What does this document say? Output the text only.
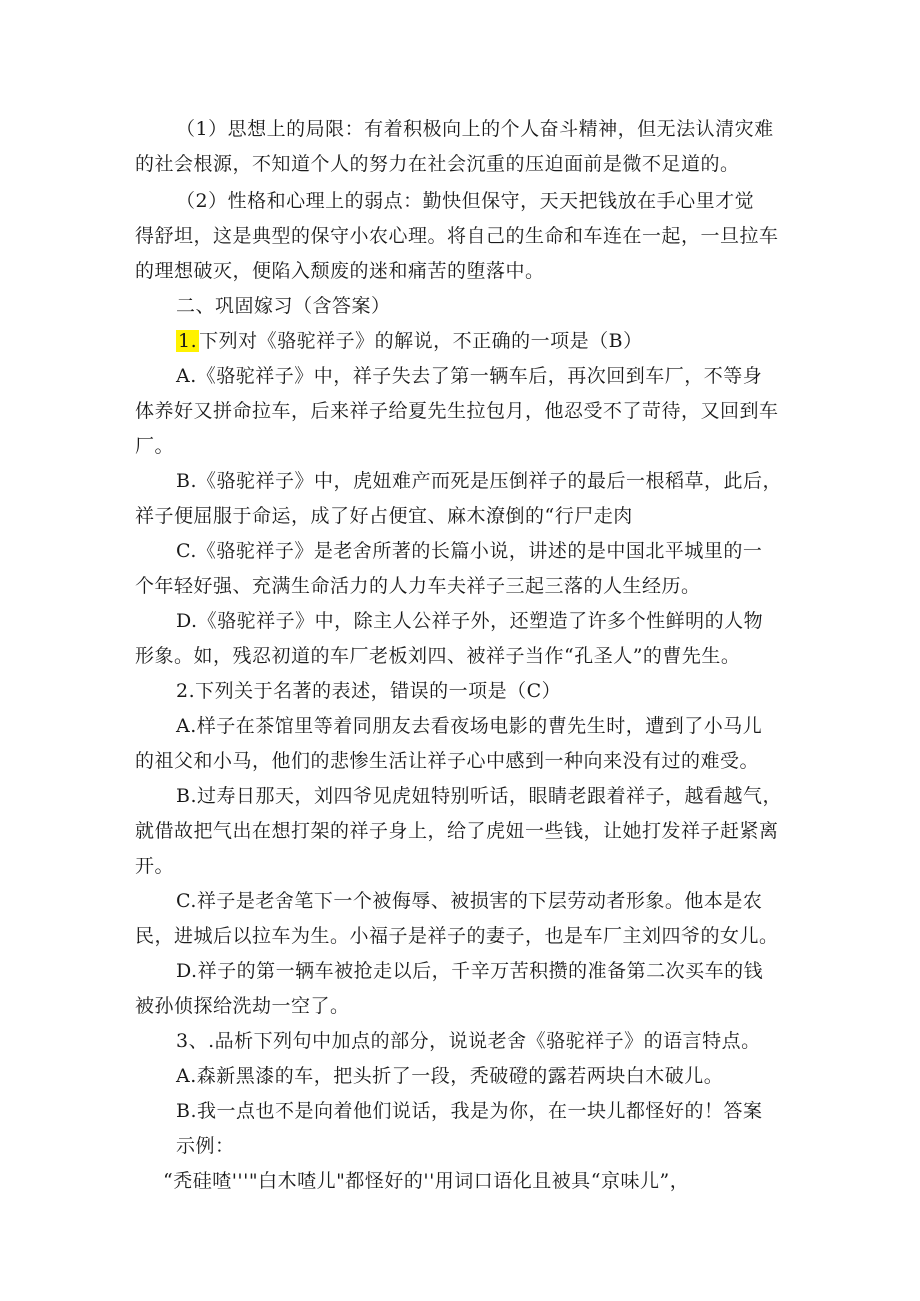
（1）思想上的局限：有着积极向上的个人奋斗精神，但无法认清灾难
的社会根源，不知道个人的努力在社会沉重的压迫面前是微不足道的。
（2）性格和心理上的弱点：勤快但保守，天天把钱放在手心里才觉
得舒坦，这是典型的保守小农心理。将自己的生命和车连在一起，一旦拉车
的理想破灭，便陷入颓废的迷和痛苦的堕落中。
二、巩固嫁习（含答案）
1. 下列对《骆驼祥子》的解说，不正确的一项是（B）
A.《骆驼祥子》中，祥子失去了第一辆车后，再次回到车厂，不等身
体养好又拼命拉车，后来祥子给夏先生拉包月，他忍受不了苛待，又回到车
厂。
B.《骆驼祥子》中，虎妞难产而死是压倒祥子的最后一根稻草，此后，
祥子便屈服于命运，成了好占便宜、麻木潦倒的“行尸走肉
C.《骆驼祥子》是老舍所著的长篇小说，讲述的是中国北平城里的一
个年轻好强、充满生命活力的人力车夫祥子三起三落的人生经历。
D.《骆驼祥子》中，除主人公祥子外，还塑造了许多个性鲜明的人物
形象。如，残忍初道的车厂老板刘四、被祥子当作“孔圣人”的曹先生。
2.下列关于名著的表述，错误的一项是（C）
A.样子在茶馆里等着同朋友去看夜场电影的曹先生时，遭到了小马儿
的祖父和小马，他们的悲惨生活让祥子心中感到一种向来没有过的难受。
B.过寿日那天，刘四爷见虎妞特别听话，眼睛老跟着祥子，越看越气，
就借故把气出在想打架的祥子身上，给了虎妞一些钱，让她打发祥子赶紧离
开。
C.祥子是老舍笔下一个被侮辱、被损害的下层劳动者形象。他本是农
民，进城后以拉车为生。小福子是祥子的妻子，也是车厂主刘四爷的女儿。
D.祥子的第一辆车被抢走以后，千辛万苦积攒的准备第二次买车的钱
被孙侦探给洗劫一空了。
3、.品析下列句中加点的部分，说说老舍《骆驼祥子》的语言特点。
A.森新黑漆的车，把头折了一段，秃破磴的露若两块白木破儿。
B.我一点也不是向着他们说话，我是为你，在一块儿都怪好的！答案
示例：
“秃硅喳'''"白木喳儿"都怪好的''用词口语化且被具“京味儿”，
